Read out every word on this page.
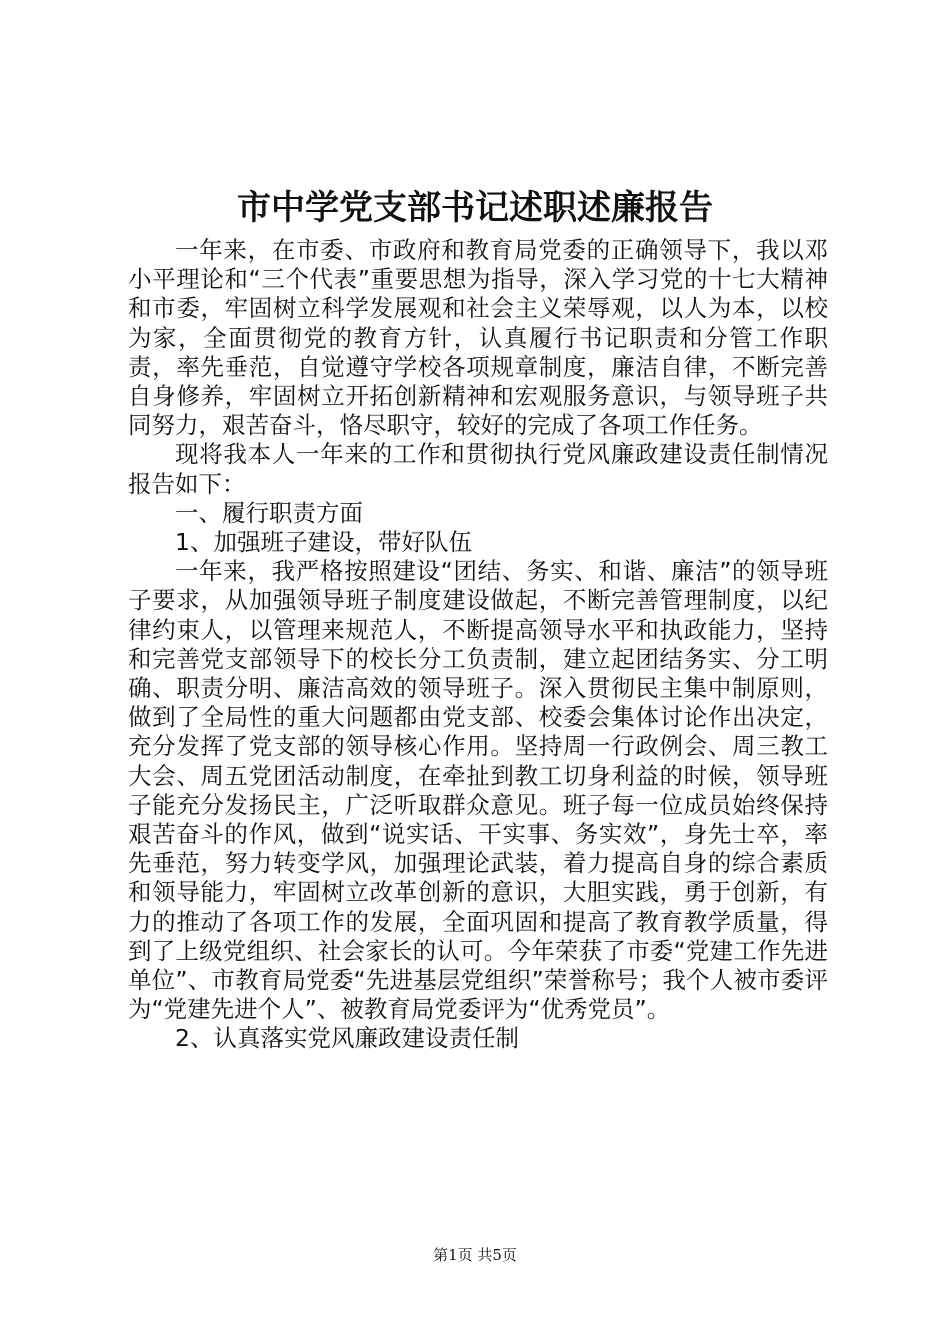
市中学党支部书记述职述廉报告

一年来，在市委、市政府和教育局党委的正确领导下，我以邓小平理论和“三个代表”重要思想为指导，深入学习党的十七大精神和市委，牢固树立科学发展观和社会主义荣辱观，以人为本，以校为家，全面贯彻党的教育方针，认真履行书记职责和分管工作职责，率先垂范，自觉遵守学校各项规章制度，廉洁自律，不断完善自身修养，牢固树立开拓创新精神和宏观服务意识，与领导班子共同努力，艰苦奋斗，恪尽职守，较好的完成了各项工作任务。

现将我本人一年来的工作和贯彻执行党风廉政建设责任制情况报告如下：

一、履行职责方面

1、加强班子建设，带好队伍

一年来，我严格按照建设“团结、务实、和谐、廉洁”的领导班子要求，从加强领导班子制度建设做起，不断完善管理制度，以纪律约束人，以管理来规范人，不断提高领导水平和执政能力，坚持和完善党支部领导下的校长分工负责制，建立起团结务实、分工明确、职责分明、廉洁高效的领导班子。深入贯彻民主集中制原则，做到了全局性的重大问题都由党支部、校委会集体讨论作出决定，充分发挥了党支部的领导核心作用。坚持周一行政例会、周三教工大会、周五党团活动制度，在牵扯到教工切身利益的时候，领导班子能充分发扬民主，广泛听取群众意见。班子每一位成员始终保持艰苦奋斗的作风，做到“说实话、干实事、务实效”，身先士卒，率先垂范，努力转变学风，加强理论武装，着力提高自身的综合素质和领导能力，牢固树立改革创新的意识，大胆实践，勇于创新，有力的推动了各项工作的发展，全面巩固和提高了教育教学质量，得到了上级党组织、社会家长的认可。今年荣获了市委“党建工作先进单位”、市教育局党委“先进基层党组织”荣誉称号；我个人被市委评为“党建先进个人”、被教育局党委评为“优秀党员”。

2、认真落实党风廉政建设责任制

第1页 共5页
